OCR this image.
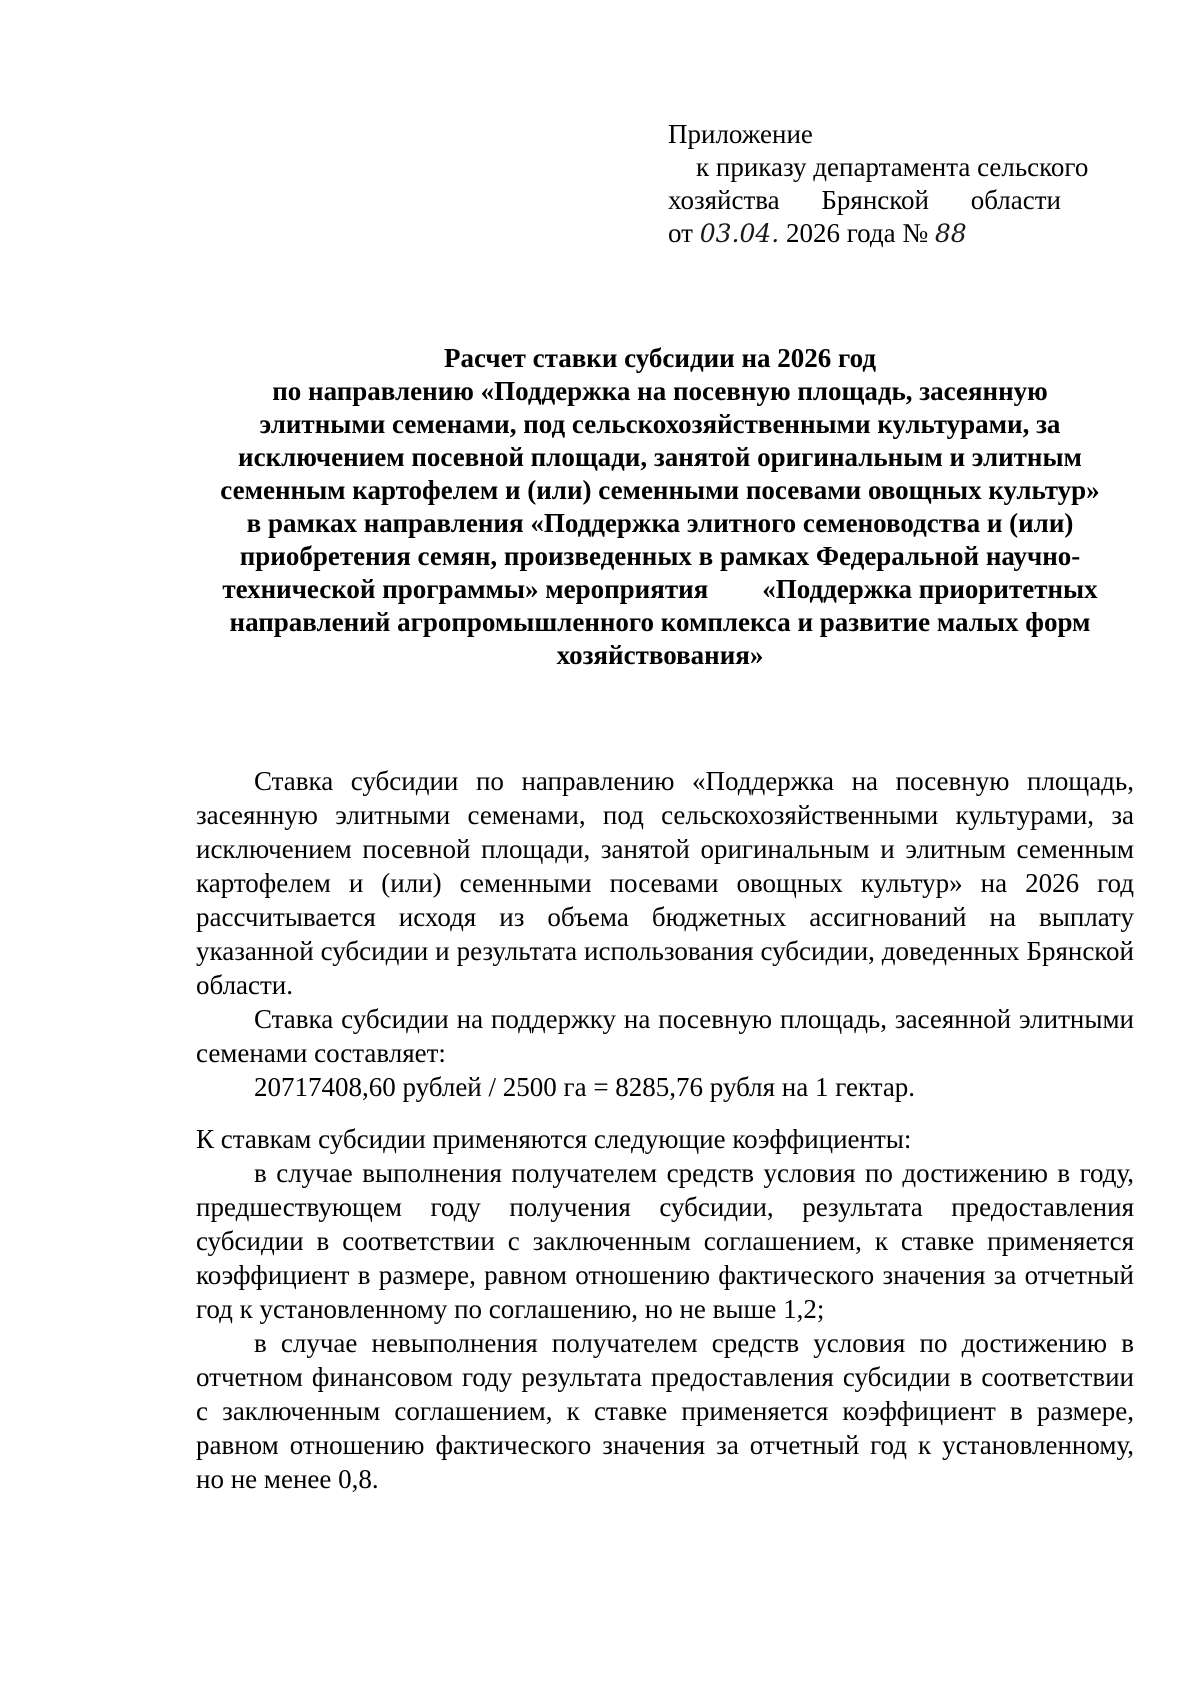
Приложение
к приказу департамента сельского
хозяйства Брянской области
от 03.04. 2026 года № 88
Расчет ставки субсидии на 2026 год
по направлению «Поддержка на посевную площадь, засеянную
элитными семенами, под сельскохозяйственными культурами, за
исключением посевной площади, занятой оригинальным и элитным
семенным картофелем и (или) семенными посевами овощных культур»
в рамках направления «Поддержка элитного семеноводства и (или)
приобретения семян, произведенных в рамках Федеральной научно-
технической программы» мероприятия «Поддержка приоритетных
направлений агропромышленного комплекса и развитие малых форм
хозяйствования»

Ставка субсидии по направлению «Поддержка на посевную площадь, засеянную элитными семенами, под сельскохозяйственными культурами, за исключением посевной площади, занятой оригинальным и элитным семенным картофелем и (или) семенными посевами овощных культур» на 2026 год рассчитывается исходя из объема бюджетных ассигнований на выплату указанной субсидии и результата использования субсидии, доведенных Брянской области.

Ставка субсидии на поддержку на посевную площадь, засеянной элитными семенами составляет:

20717408,60 рублей / 2500 га = 8285,76 рубля на 1 гектар.

К ставкам субсидии применяются следующие коэффициенты:

в случае выполнения получателем средств условия по достижению в году, предшествующем году получения субсидии, результата предоставления субсидии в соответствии с заключенным соглашением, к ставке применяется коэффициент в размере, равном отношению фактического значения за отчетный год к установленному по соглашению, но не выше 1,2;

в случае невыполнения получателем средств условия по достижению в отчетном финансовом году результата предоставления субсидии в соответствии с заключенным соглашением, к ставке применяется коэффициент в размере, равном отношению фактического значения за отчетный год к установленному, но не менее 0,8.
